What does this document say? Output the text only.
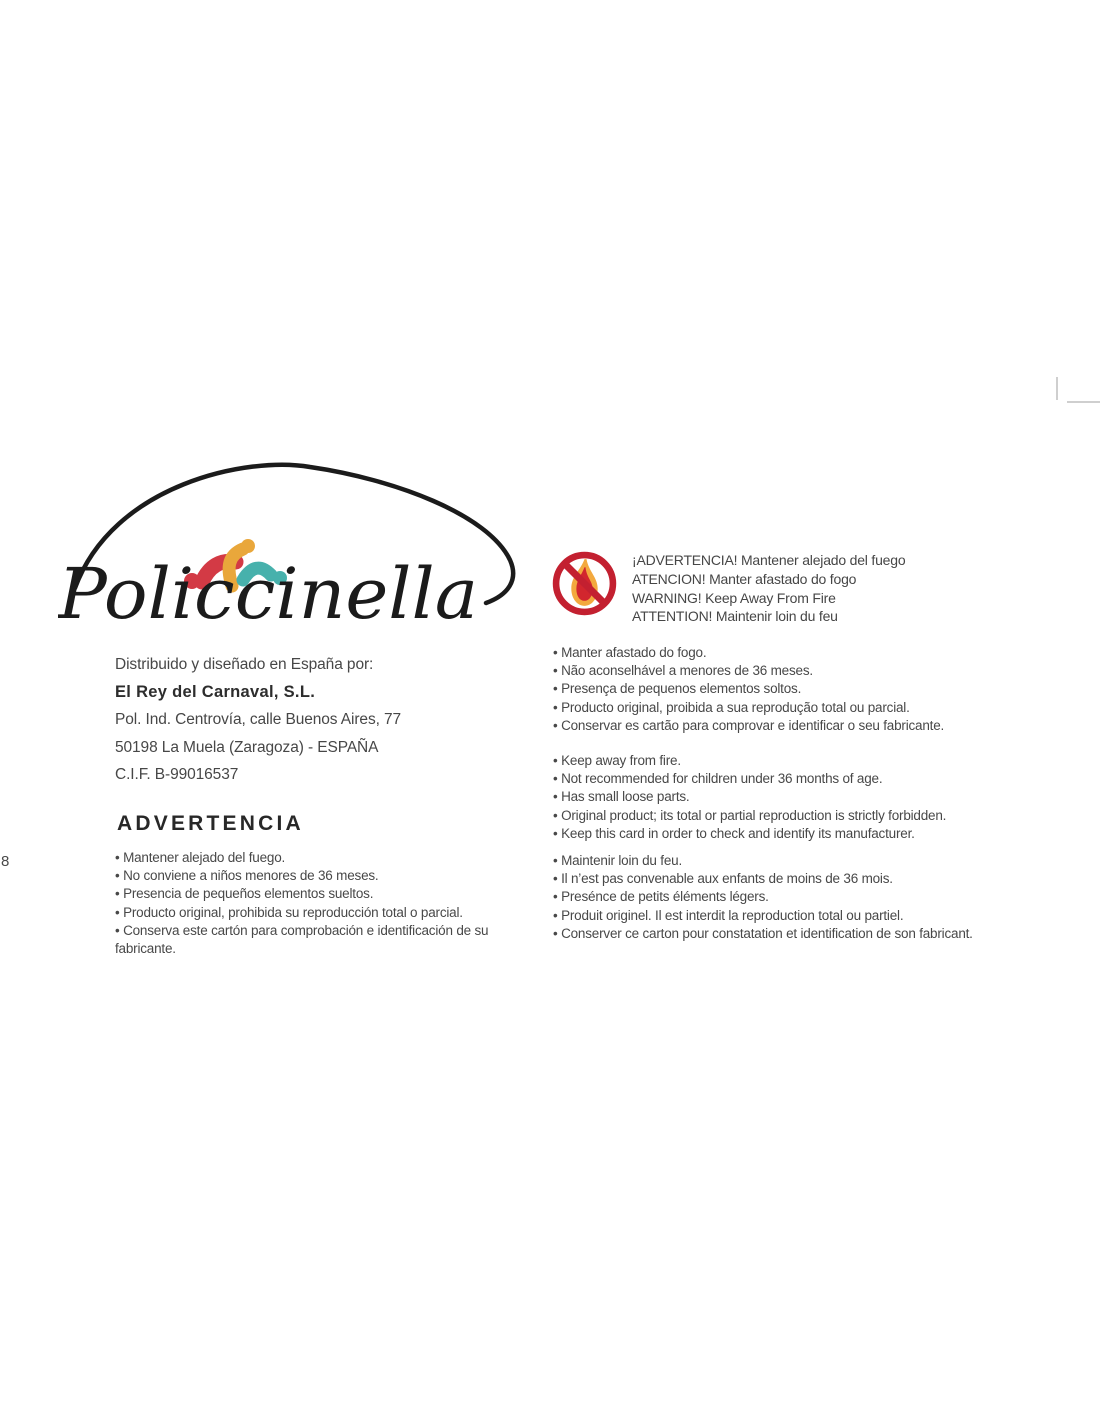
8
Policcinella
Distribuido y diseñado en España por:
El Rey del Carnaval, S.L.
Pol. Ind. Centrovía, calle Buenos Aires, 77
50198 La Muela (Zaragoza) - ESPAÑA
C.I.F. B-99016537
ADVERTENCIA
• Mantener alejado del fuego.
• No conviene a niños menores de 36 meses.
• Presencia de pequeños elementos sueltos.
• Producto original, prohibida su reproducción total o parcial.
• Conserva este cartón para comprobación e identificación de su fabricante.
¡ADVERTENCIA! Mantener alejado del fuego
ATENCION! Manter afastado do fogo
WARNING! Keep Away From Fire
ATTENTION! Maintenir loin du feu
• Manter afastado do fogo.
• Não aconselhável a menores de 36 meses.
• Presença de pequenos elementos soltos.
• Producto original, proibida a sua reprodução total ou parcial.
• Conservar es cartão para comprovar e identificar o seu fabricante.
• Keep away from fire.
• Not recommended for children under 36 months of age.
• Has small loose parts.
• Original product; its total or partial reproduction is strictly forbidden.
• Keep this card in order to check and identify its manufacturer.
• Maintenir loin du feu.
• Il n’est pas convenable aux enfants de moins de 36 mois.
• Presénce de petits éléments légers.
• Produit originel. Il est interdit la reproduction total ou partiel.
• Conserver ce carton pour constatation et identification de son fabricant.
